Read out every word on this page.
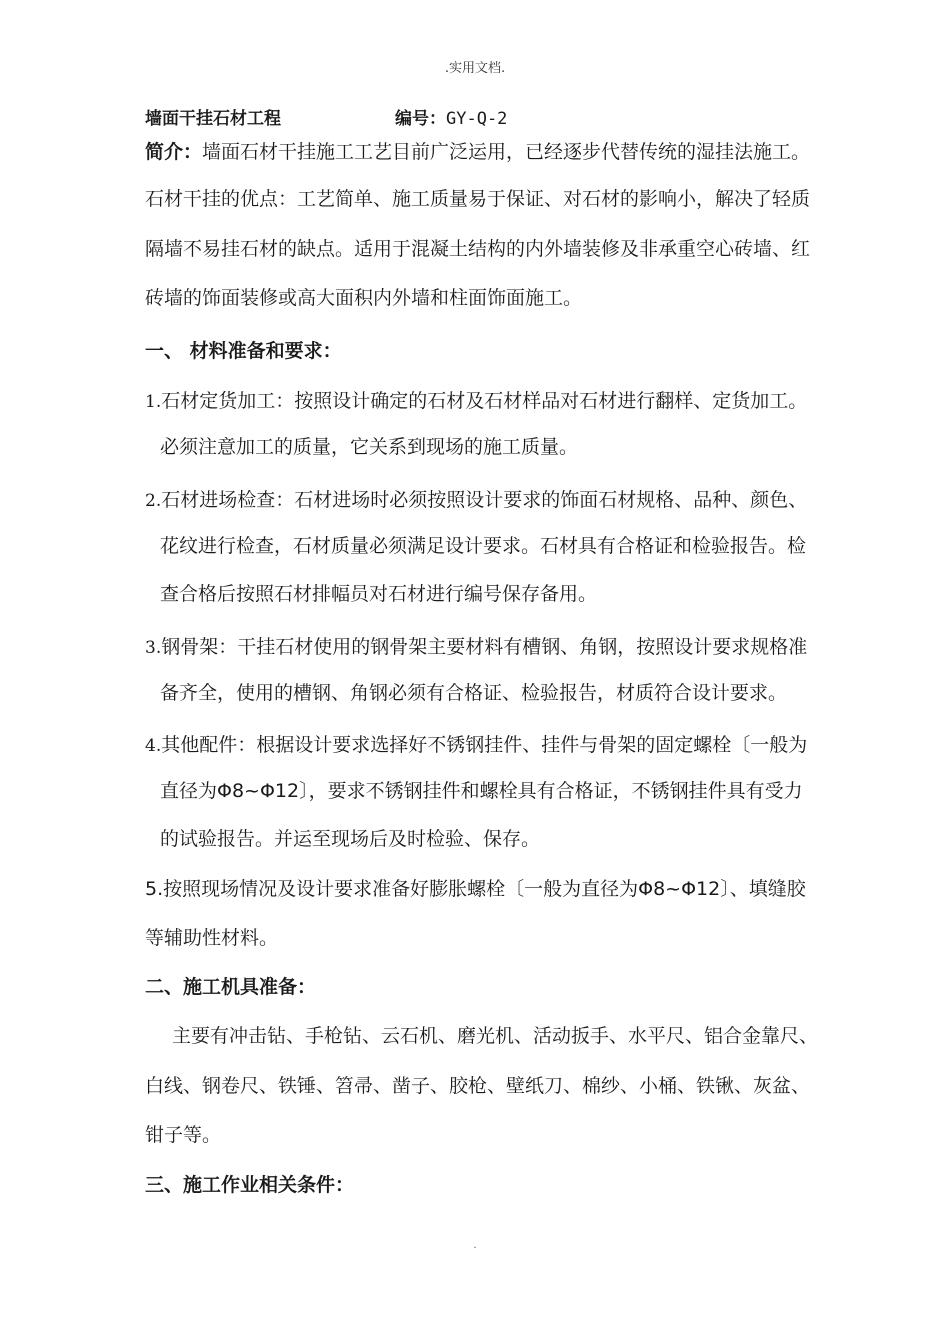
.实用文档.
墙面干挂石材工程	编号：GY-Q-2
简介：墙面石材干挂施工工艺目前广泛运用，已经逐步代替传统的湿挂法施工。
石材干挂的优点：工艺简单、施工质量易于保证、对石材的影响小，解决了轻质
隔墙不易挂石材的缺点。适用于混凝土结构的内外墙装修及非承重空心砖墙、红
砖墙的饰面装修或高大面积内外墙和柱面饰面施工。
一、 材料准备和要求：
1.石材定货加工：按照设计确定的石材及石材样品对石材进行翻样、定货加工。
必须注意加工的质量，它关系到现场的施工质量。
2.石材进场检查：石材进场时必须按照设计要求的饰面石材规格、品种、颜色、
花纹进行检查，石材质量必须满足设计要求。石材具有合格证和检验报告。检
查合格后按照石材排幅员对石材进行编号保存备用。
3.钢骨架：干挂石材使用的钢骨架主要材料有槽钢、角钢，按照设计要求规格准
备齐全，使用的槽钢、角钢必须有合格证、检验报告，材质符合设计要求。
4.其他配件：根据设计要求选择好不锈钢挂件、挂件与骨架的固定螺栓〔一般为
直径为Φ8~Φ12〕，要求不锈钢挂件和螺栓具有合格证，不锈钢挂件具有受力
的试验报告。并运至现场后及时检验、保存。
5.按照现场情况及设计要求准备好膨胀螺栓〔一般为直径为Φ8~Φ12〕、填缝胶
等辅助性材料。
二、施工机具准备：
主要有冲击钻、手枪钻、云石机、磨光机、活动扳手、水平尺、铝合金靠尺、
白线、钢卷尺、铁锤、笤帚、凿子、胶枪、壁纸刀、棉纱、小桶、铁锹、灰盆、
钳子等。
三、施工作业相关条件：
.
